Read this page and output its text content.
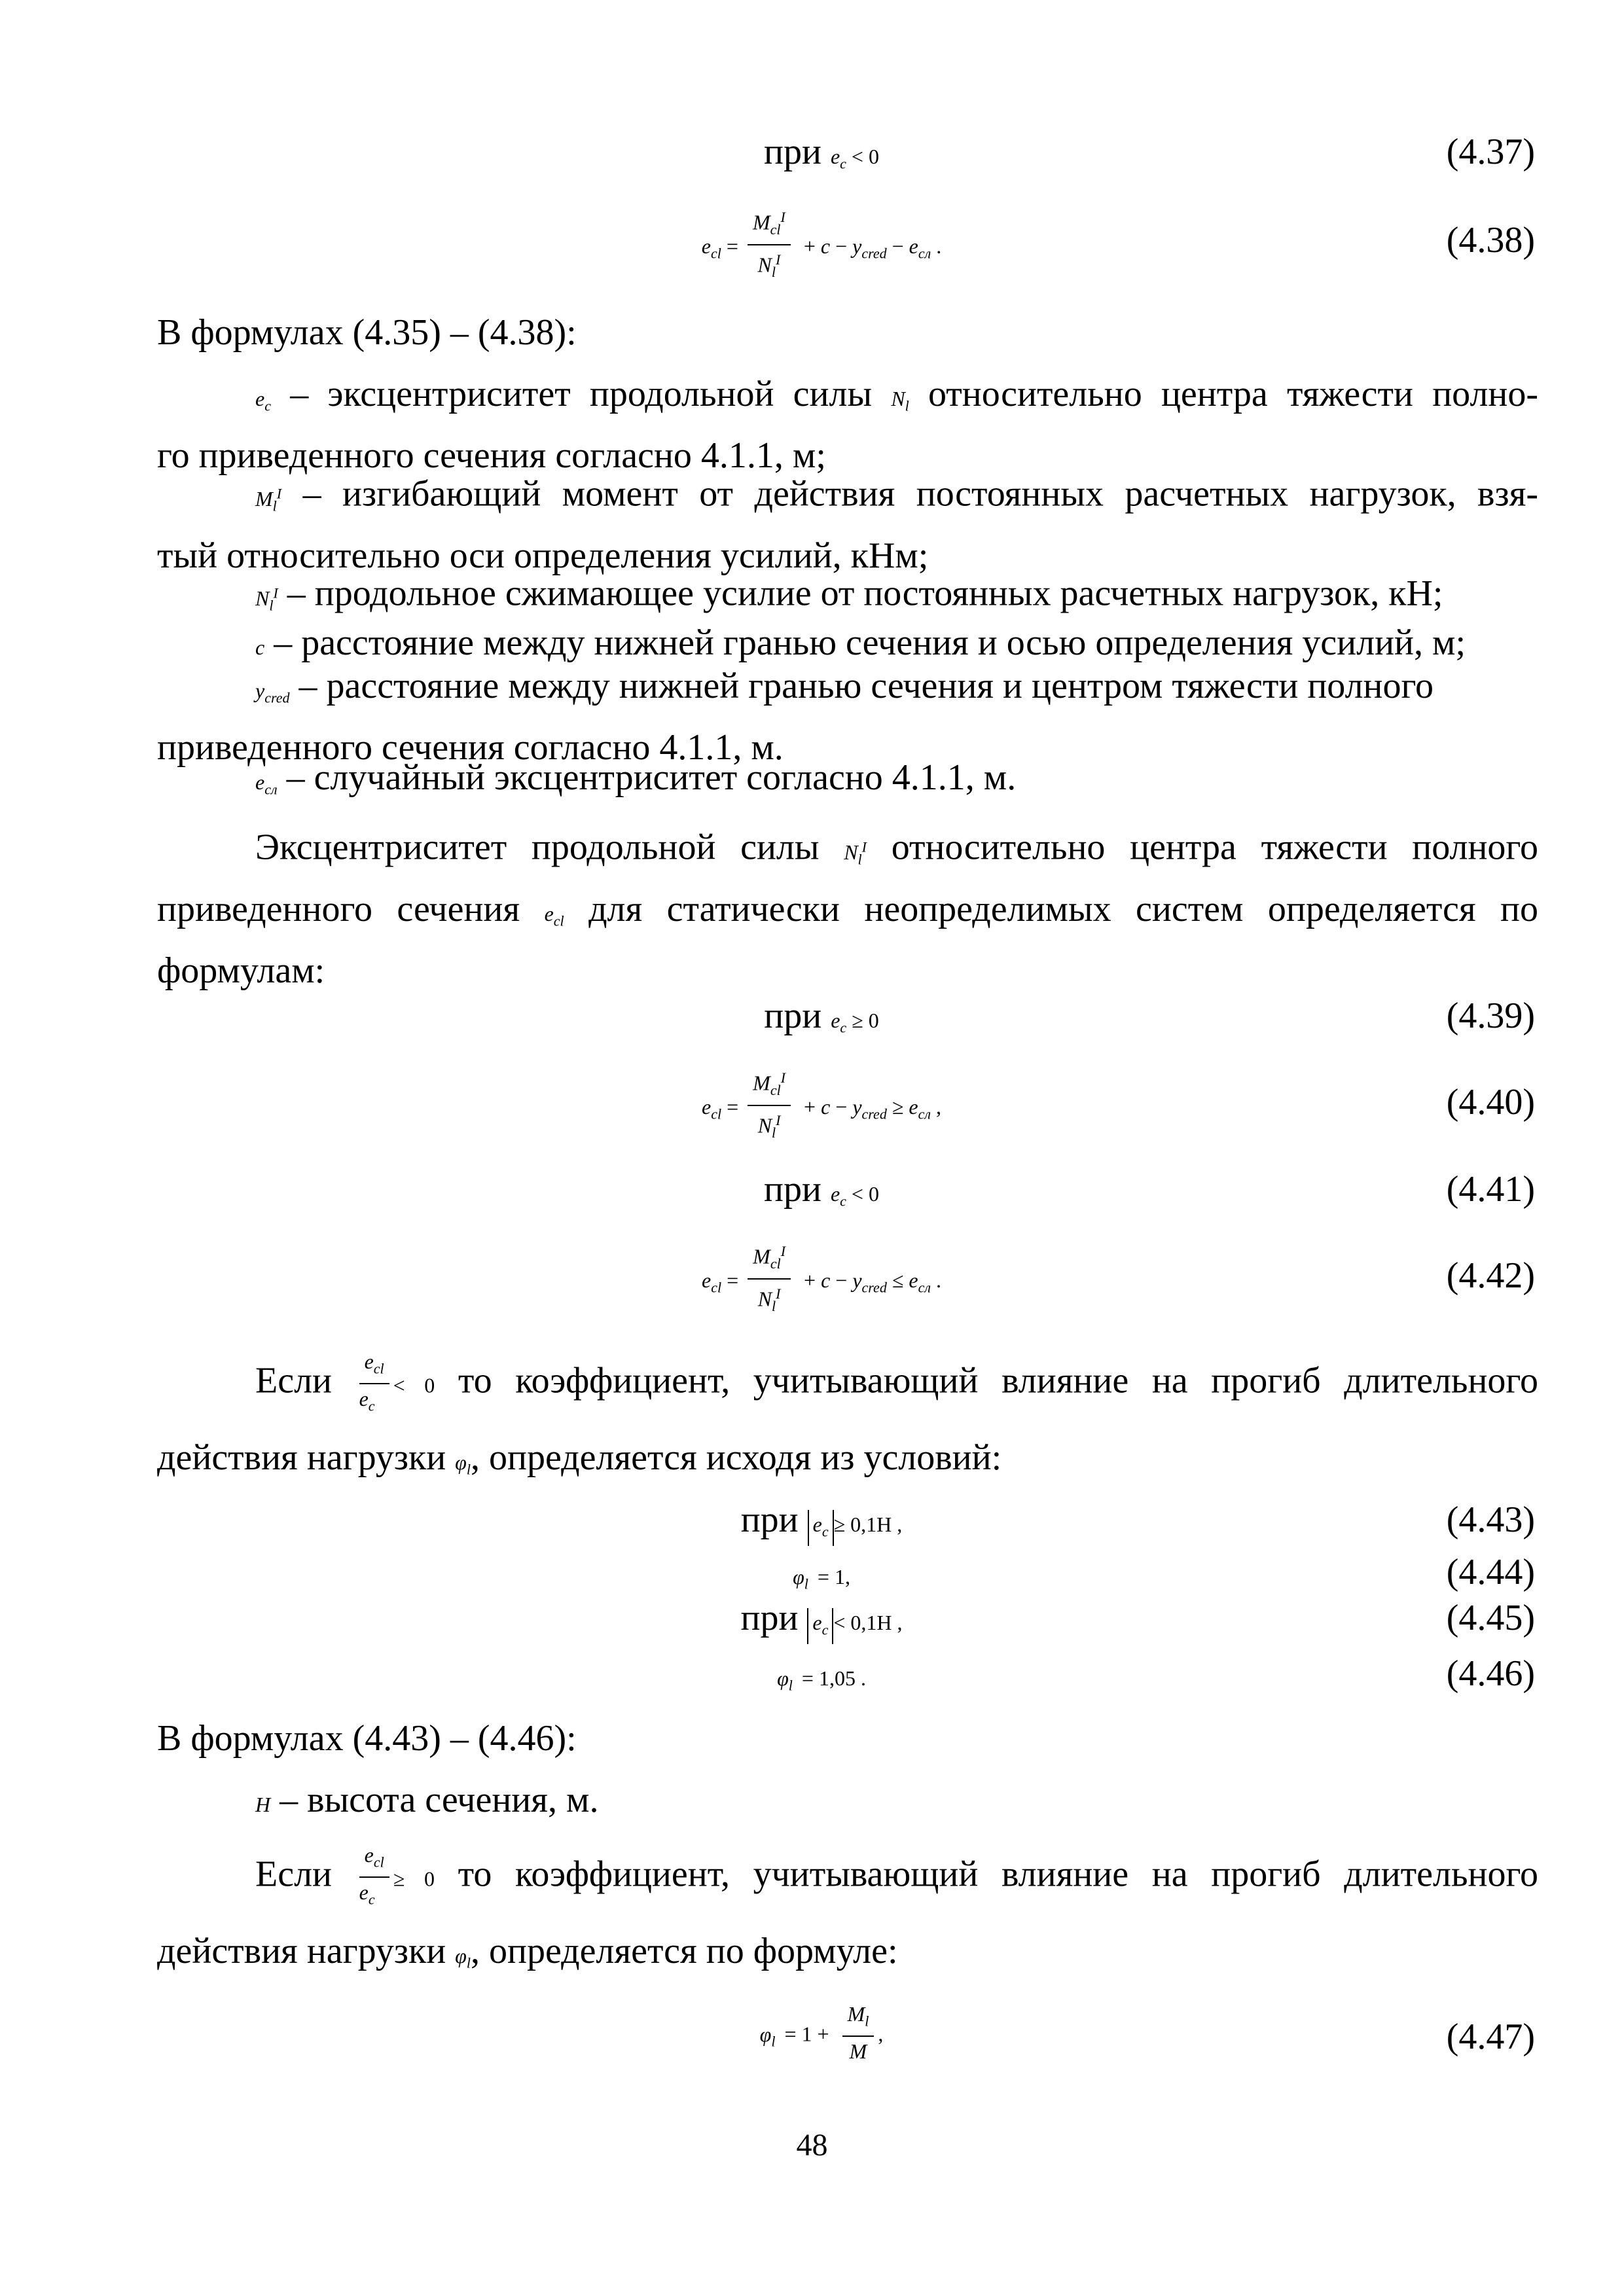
при $e_c < 0$	(4.37)
$e_{cl} = \frac{M_{cl}^I}{N_l^I} + c - y_{cred} - e_{сл}$ .	(4.38)
В формулах (4.35) – (4.38):
$e_c$ – эксцентриситет продольной силы $N_l$ относительно центра тяжести полно-
го приведенного сечения согласно 4.1.1, м;
$M_l^I$ – изгибающий момент от действия постоянных расчетных нагрузок, взя-
тый относительно оси определения усилий, кНм;
$N_l^I$ – продольное сжимающее усилие от постоянных расчетных нагрузок, кН;
c – расстояние между нижней гранью сечения и осью определения усилий, м;
$y_{cred}$ – расстояние между нижней гранью сечения и центром тяжести полного
приведенного сечения согласно 4.1.1, м.
$e_{сл}$ – случайный эксцентриситет согласно 4.1.1, м.
Эксцентриситет продольной силы $N_l^I$ относительно центра тяжести полного
приведенного сечения $e_{cl}$ для статически неопределимых систем определяется по
формулам:
при $e_c \ge 0$	(4.39)
$e_{cl} = \frac{M_{cl}^I}{N_l^I} + c - y_{cred} \ge e_{сл}$ ,	(4.40)
при $e_c < 0$	(4.41)
$e_{cl} = \frac{M_{cl}^I}{N_l^I} + c - y_{cred} \le e_{сл}$ .	(4.42)
Если $\frac{e_{cl}}{e_c} < 0$ то коэффициент, учитывающий влияние на прогиб длительного
действия нагрузки $\varphi_l$, определяется исходя из условий:
при $e_c \ge 0,1H$ ,	(4.43)
$\varphi_l = 1$,	(4.44)
при $e_c < 0,1H$ ,	(4.45)
$\varphi_l = 1,05$ .	(4.46)
В формулах (4.43) – (4.46):
H – высота сечения, м.
Если $\frac{e_{cl}}{e_c} \ge 0$ то коэффициент, учитывающий влияние на прогиб длительного
действия нагрузки $\varphi_l$, определяется по формуле:
$\varphi_l = 1 + \frac{M_l}{M}$ ,	(4.47)
48
